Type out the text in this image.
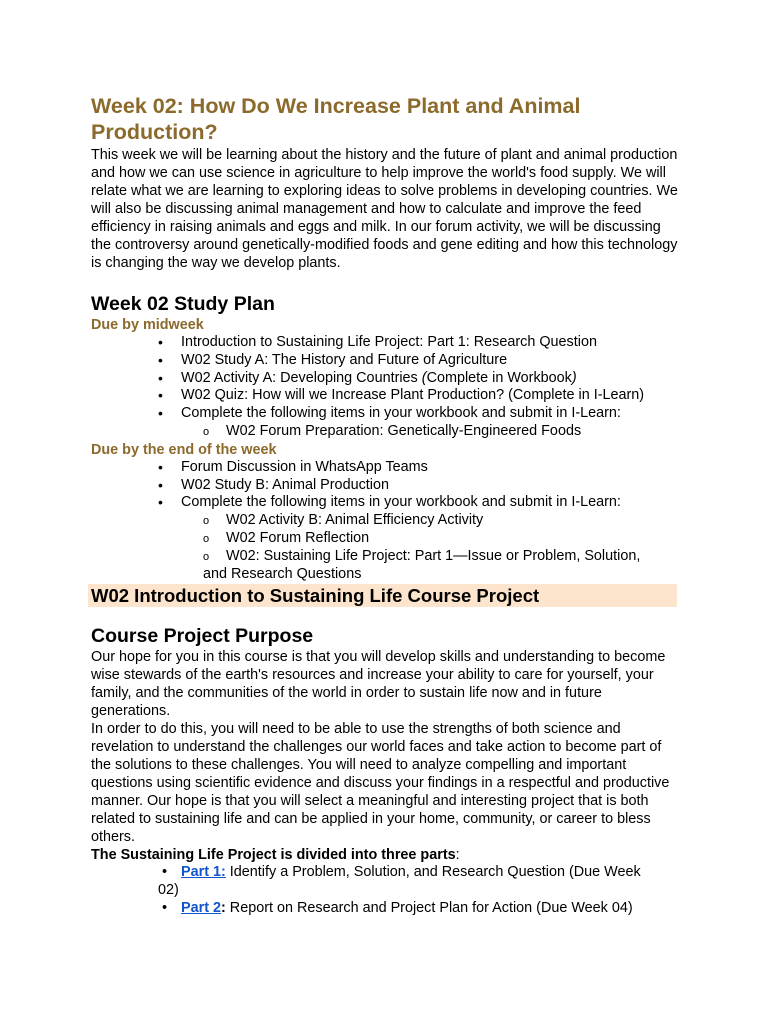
Week 02: How Do We Increase Plant and Animal Production?

This week we will be learning about the history and the future of plant and animal production and how we can use science in agriculture to help improve the world's food supply. We will relate what we are learning to exploring ideas to solve problems in developing countries. We will also be discussing animal management and how to calculate and improve the feed efficiency in raising animals and eggs and milk. In our forum activity, we will be discussing the controversy around genetically-modified foods and gene editing and how this technology is changing the way we develop plants.

Week 02 Study Plan

Due by midweek

• Introduction to Sustaining Life Project: Part 1: Research Question
• W02 Study A: The History and Future of Agriculture
• W02 Activity A: Developing Countries (Complete in Workbook)
• W02 Quiz: How will we Increase Plant Production? (Complete in I-Learn)
• Complete the following items in your workbook and submit in I-Learn:
o W02 Forum Preparation: Genetically-Engineered Foods

Due by the end of the week

• Forum Discussion in WhatsApp Teams
• W02 Study B: Animal Production
• Complete the following items in your workbook and submit in I-Learn:
o W02 Activity B: Animal Efficiency Activity
o W02 Forum Reflection
o W02: Sustaining Life Project: Part 1—Issue or Problem, Solution,
and Research Questions
W02 Introduction to Sustaining Life Course Project
Course Project Purpose

Our hope for you in this course is that you will develop skills and understanding to become wise stewards of the earth's resources and increase your ability to care for yourself, your family, and the communities of the world in order to sustain life now and in future generations.

In order to do this, you will need to be able to use the strengths of both science and revelation to understand the challenges our world faces and take action to become part of the solutions to these challenges. You will need to analyze compelling and important questions using scientific evidence and discuss your findings in a respectful and productive manner. Our hope is that you will select a meaningful and interesting project that is both related to sustaining life and can be applied in your home, community, or career to bless others.

The Sustaining Life Project is divided into three parts:

• Part 1: Identify a Problem, Solution, and Research Question (Due Week
02)
• Part 2: Report on Research and Project Plan for Action (Due Week 04)
